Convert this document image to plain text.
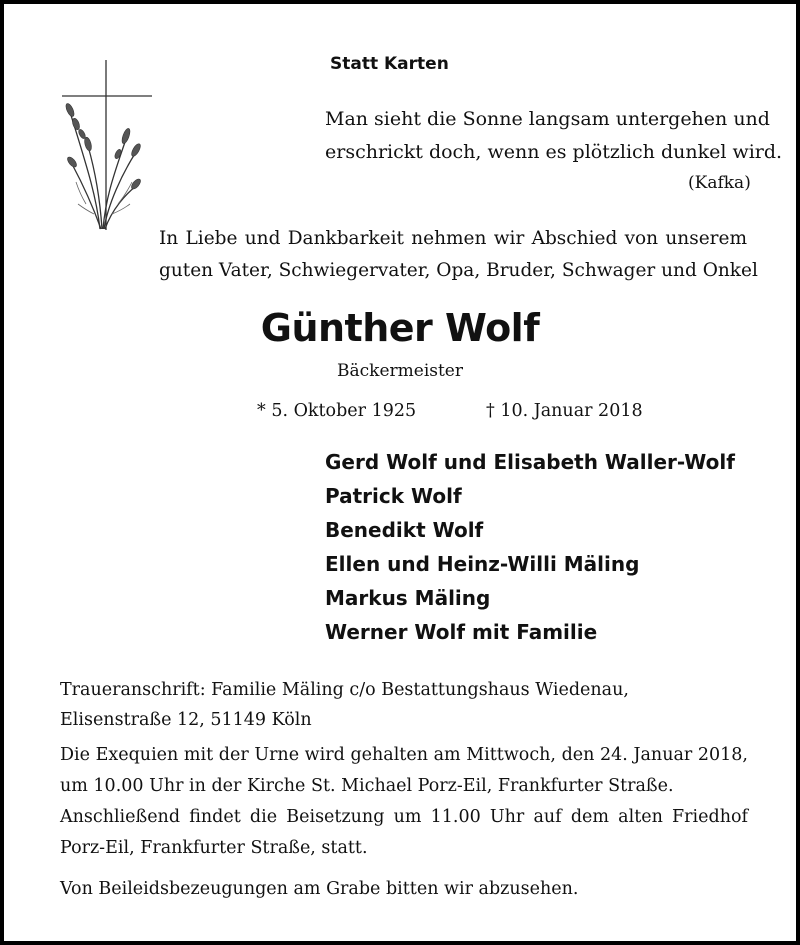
Statt Karten
Man sieht die Sonne langsam untergehen und
erschrickt doch, wenn es plötzlich dunkel wird.
(Kafka)
In Liebe und Dankbarkeit nehmen wir Abschied von unserem
guten Vater, Schwiegervater, Opa, Bruder, Schwager und Onkel
Günther Wolf
Bäckermeister
* 5. Oktober 1925	† 10. Januar 2018
Gerd Wolf und Elisabeth Waller-Wolf
Patrick Wolf
Benedikt Wolf
Ellen und Heinz-Willi Mäling
Markus Mäling
Werner Wolf mit Familie
Traueranschrift: Familie Mäling c/o Bestattungshaus Wiedenau,
Elisenstraße 12, 51149 Köln
Die Exequien mit der Urne wird gehalten am Mittwoch, den 24. Januar 2018,
um 10.00 Uhr in der Kirche St. Michael Porz-Eil, Frankfurter Straße.
Anschließend findet die Beisetzung um 11.00 Uhr auf dem alten Friedhof
Porz-Eil, Frankfurter Straße, statt.
Von Beileidsbezeugungen am Grabe bitten wir abzusehen.
